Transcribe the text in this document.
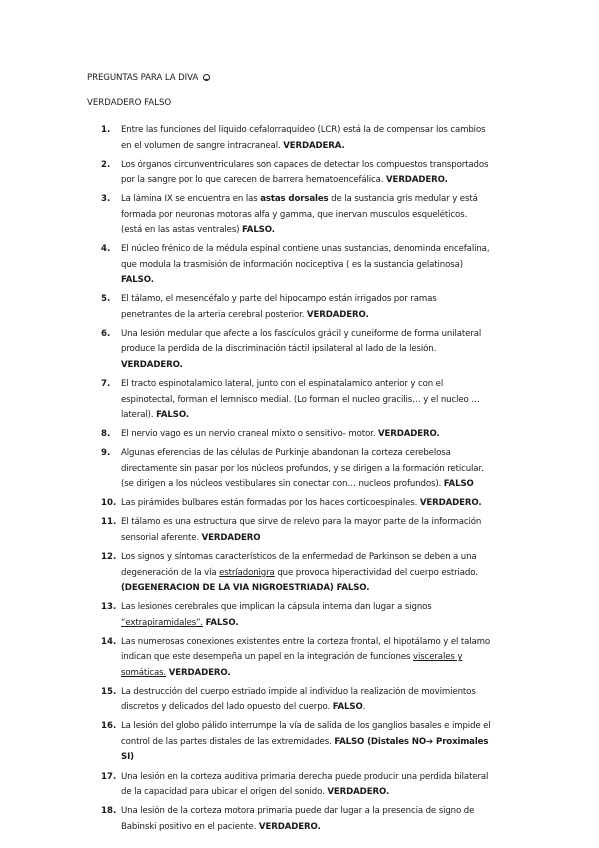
PREGUNTAS PARA LA DIVA
VERDADERO FALSO
1.	Entre las funciones del liquido cefalorraquídeo (LCR) está la de compensar los cambios
en el volumen de sangre intracraneal. VERDADERA.
2.	Los órganos circunventriculares son capaces de detectar los compuestos transportados
por la sangre por lo que carecen de barrera hematoencefálica. VERDADERO.
3.	La lámina IX se encuentra en las astas dorsales de la sustancia gris medular y está
formada por neuronas motoras alfa y gamma, que inervan musculos esqueléticos.
(está en las astas ventrales) FALSO.
4.	El núcleo frénico de la médula espinal contiene unas sustancias, denominda encefalina,
que modula la trasmisión de información nociceptiva ( es la sustancia gelatinosa)
FALSO.
5.	El tálamo, el mesencéfalo y parte del hipocampo están irrigados por ramas
penetrantes de la arteria cerebral posterior. VERDADERO.
6.	Una lesión medular que afecte a los fascículos grácil y cuneiforme de forma unilateral
produce la perdida de la discriminación táctil ipsilateral al lado de la lesión.
VERDADERO.
7.	El tracto espinotalamico lateral, junto con el espinatalamico anterior y con el
espinotectal, forman el lemnisco medial. (Lo forman el nucleo gracilis… y el nucleo …
lateral). FALSO.
8.	El nervio vago es un nervio craneal mixto o sensitivo- motor. VERDADERO.
9.	Algunas eferencias de las células de Purkinje abandonan la corteza cerebelosa
directamente sin pasar por los núcleos profundos, y se dirigen a la formación reticular.
(se dirigen a los núcleos vestibulares sin conectar con… nucleos profundos). FALSO
10. Las pirámides bulbares están formadas por los haces corticoespinales. VERDADERO.
11. El tálamo es una estructura que sirve de relevo para la mayor parte de la información
sensorial aferente. VERDADERO
12. Los signos y síntomas característicos de la enfermedad de Parkinson se deben a una
degeneración de la vía estríadonigra que provoca hiperactividad del cuerpo estriado.
(DEGENERACION DE LA VIA NIGROESTRIADA) FALSO.
13. Las lesiones cerebrales que implican la cápsula interna dan lugar a signos
“extrapiramidales”. FALSO.
14. Las numerosas conexiones existentes entre la corteza frontal, el hipotálamo y el talamo
indican que este desempeña un papel en la integración de funciones viscerales y
somáticas. VERDADERO.
15. La destrucción del cuerpo estriado impide al individuo la realización de movimientos
discretos y delicados del lado opuesto del cuerpo. FALSO.
16. La lesión del globo pálido interrumpe la vía de salida de los ganglios basales e impide el
control de las partes distales de las extremidades. FALSO (Distales NO➔ Proximales
SI)
17. Una lesión en la corteza auditiva primaria derecha puede producir una perdida bilateral
de la capacidad para ubicar el origen del sonido. VERDADERO.
18. Una lesión de la corteza motora primaria puede dar lugar a la presencia de signo de
Babinski positivo en el paciente. VERDADERO.
